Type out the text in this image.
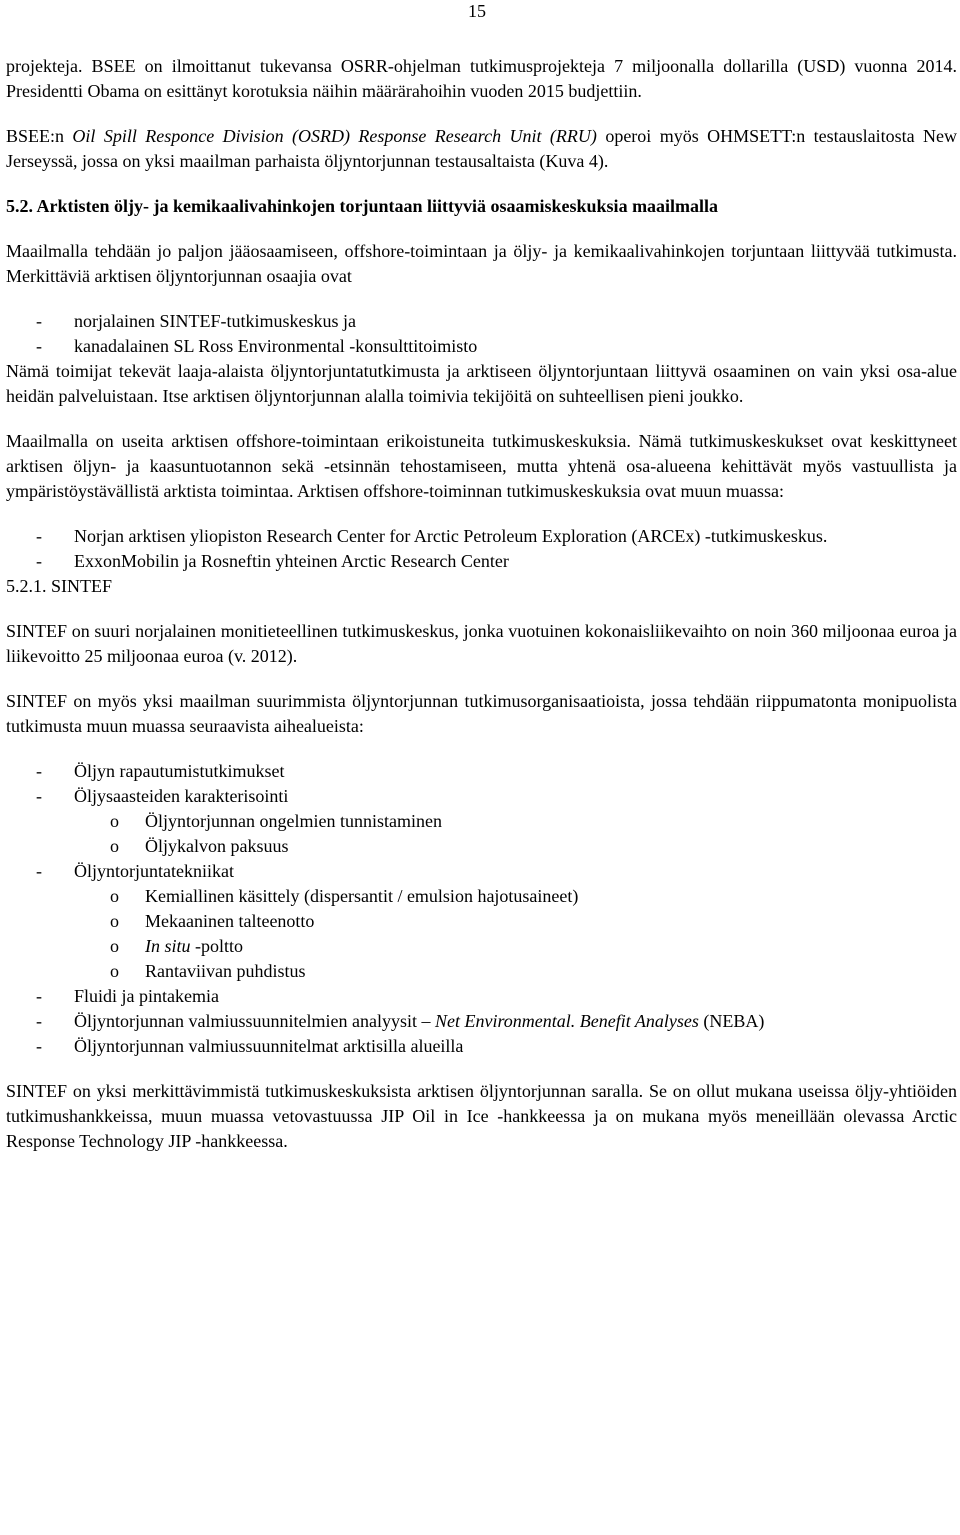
15

projekteja. BSEE on ilmoittanut tukevansa OSRR-ohjelman tutkimusprojekteja 7 miljoonalla dollarilla (USD) vuonna 2014. Presidentti Obama on esittänyt korotuksia näihin määrärahoihin vuoden 2015 budjettiin.

BSEE:n Oil Spill Responce Division (OSRD) Response Research Unit (RRU) operoi myös OHMSETT:n testauslaitosta New Jerseyssä, jossa on yksi maailman parhaista öljyntorjunnan testausaltaista (Kuva 4).

5.2. Arktisten öljy- ja kemikaalivahinkojen torjuntaan liittyviä osaamiskeskuksia maailmalla

Maailmalla tehdään jo paljon jääosaamiseen, offshore-toimintaan ja öljy- ja kemikaalivahinkojen torjuntaan liittyvää tutkimusta. Merkittäviä arktisen öljyntorjunnan osaajia ovat

- norjalainen SINTEF-tutkimuskeskus ja
- kanadalainen SL Ross Environmental -konsulttitoimisto

Nämä toimijat tekevät laaja-alaista öljyntorjuntatutkimusta ja arktiseen öljyntorjuntaan liittyvä osaaminen on vain yksi osa-alue heidän palveluistaan. Itse arktisen öljyntorjunnan alalla toimivia tekijöitä on suhteellisen pieni joukko.

Maailmalla on useita arktisen offshore-toimintaan erikoistuneita tutkimuskeskuksia. Nämä tutkimuskeskukset ovat keskittyneet arktisen öljyn- ja kaasuntuotannon sekä -etsinnän tehostamiseen, mutta yhtenä osa-alueena kehittävät myös vastuullista ja ympäristöystävällistä arktista toimintaa. Arktisen offshore-toiminnan tutkimuskeskuksia ovat muun muassa:

- Norjan arktisen yliopiston Research Center for Arctic Petroleum Exploration (ARCEx) -tutkimuskeskus.
- ExxonMobilin ja Rosneftin yhteinen Arctic Research Center

5.2.1. SINTEF

SINTEF on suuri norjalainen monitieteellinen tutkimuskeskus, jonka vuotuinen kokonaisliikevaihto on noin 360 miljoonaa euroa ja liikevoitto 25 miljoonaa euroa (v. 2012).

SINTEF on myös yksi maailman suurimmista öljyntorjunnan tutkimusorganisaatioista, jossa tehdään riippumatonta monipuolista tutkimusta muun muassa seuraavista aihealueista:

- Öljyn rapautumistutkimukset
- Öljysaasteiden karakterisointi
o Öljyntorjunnan ongelmien tunnistaminen
o Öljykalvon paksuus
- Öljyntorjuntatekniikat
o Kemiallinen käsittely (dispersantit / emulsion hajotusaineet)
o Mekaaninen talteenotto
o In situ -poltto
o Rantaviivan puhdistus
- Fluidi ja pintakemia
- Öljyntorjunnan valmiussuunnitelmien analyysit – Net Environmental. Benefit Analyses (NEBA)
- Öljyntorjunnan valmiussuunnitelmat arktisilla alueilla

SINTEF on yksi merkittävimmistä tutkimuskeskuksista arktisen öljyntorjunnan saralla. Se on ollut mukana useissa öljy-yhtiöiden tutkimushankkeissa, muun muassa vetovastuussa JIP Oil in Ice -hankkeessa ja on mukana myös meneillään olevassa Arctic Response Technology JIP -hankkeessa.
